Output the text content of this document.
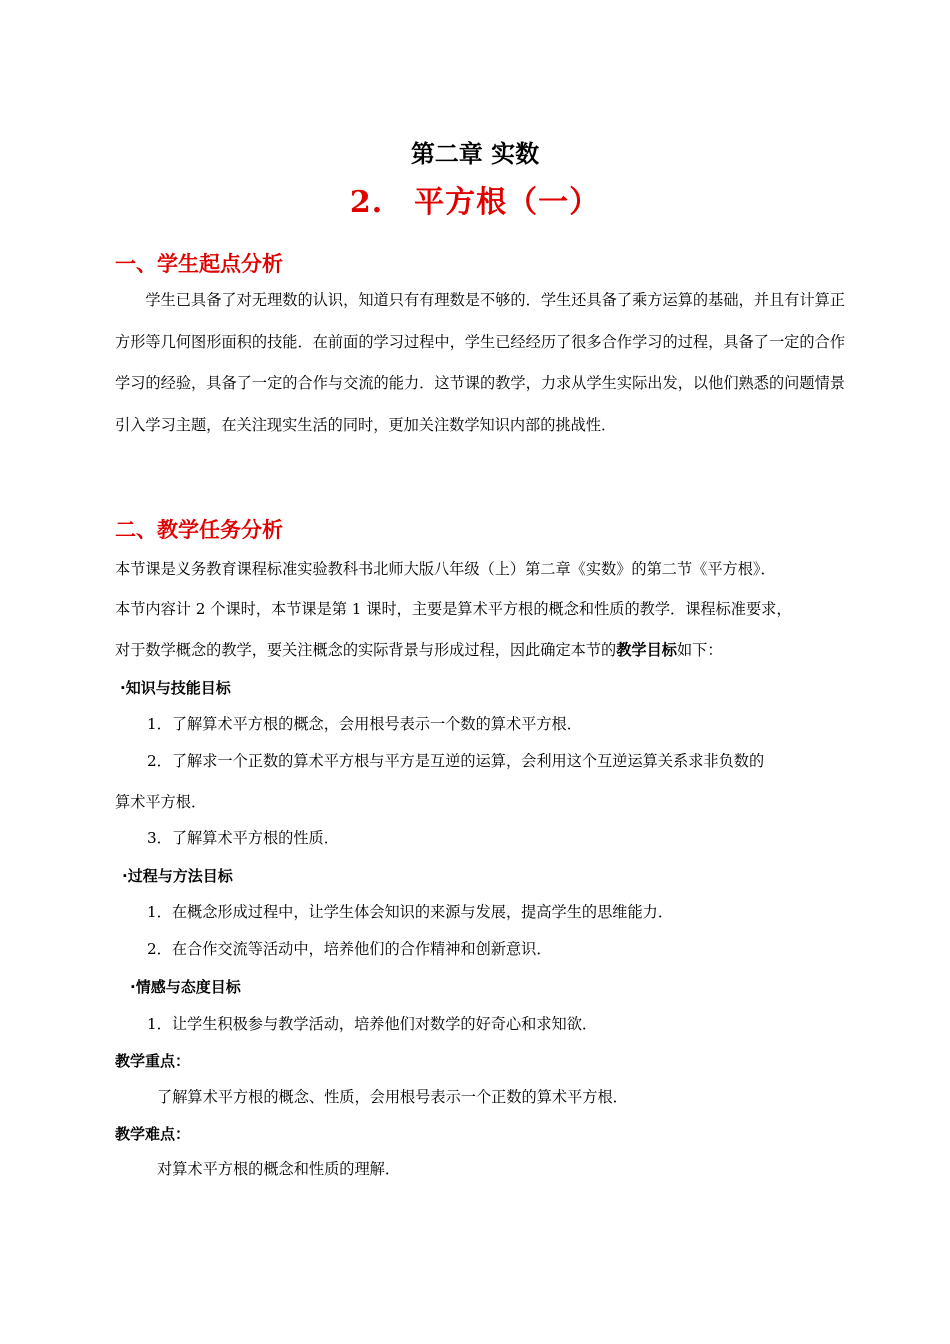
第二章 实数
2.　平方根（一）
一、学生起点分析
学生已具备了对无理数的认识，知道只有有理数是不够的．学生还具备了乘方运算的基础，并且有计算正方形等几何图形面积的技能．在前面的学习过程中，学生已经经历了很多合作学习的过程，具备了一定的合作学习的经验，具备了一定的合作与交流的能力．这节课的教学，力求从学生实际出发，以他们熟悉的问题情景引入学习主题，在关注现实生活的同时，更加关注数学知识内部的挑战性．
二、教学任务分析
本节课是义务教育课程标准实验教科书北师大版八年级（上）第二章《实数》的第二节《平方根》．
本节内容计 2 个课时，本节课是第 1 课时，主要是算术平方根的概念和性质的教学．课程标准要求，
对于数学概念的教学，要关注概念的实际背景与形成过程，因此确定本节的教学目标如下：
·知识与技能目标
1．了解算术平方根的概念，会用根号表示一个数的算术平方根．
2．了解求一个正数的算术平方根与平方是互逆的运算，会利用这个互逆运算关系求非负数的
算术平方根．
3．了解算术平方根的性质．
·过程与方法目标
1．在概念形成过程中，让学生体会知识的来源与发展，提高学生的思维能力．
2．在合作交流等活动中，培养他们的合作精神和创新意识．
·情感与态度目标
1．让学生积极参与教学活动，培养他们对数学的好奇心和求知欲．
教学重点：
了解算术平方根的概念、性质，会用根号表示一个正数的算术平方根．
教学难点：
对算术平方根的概念和性质的理解．
